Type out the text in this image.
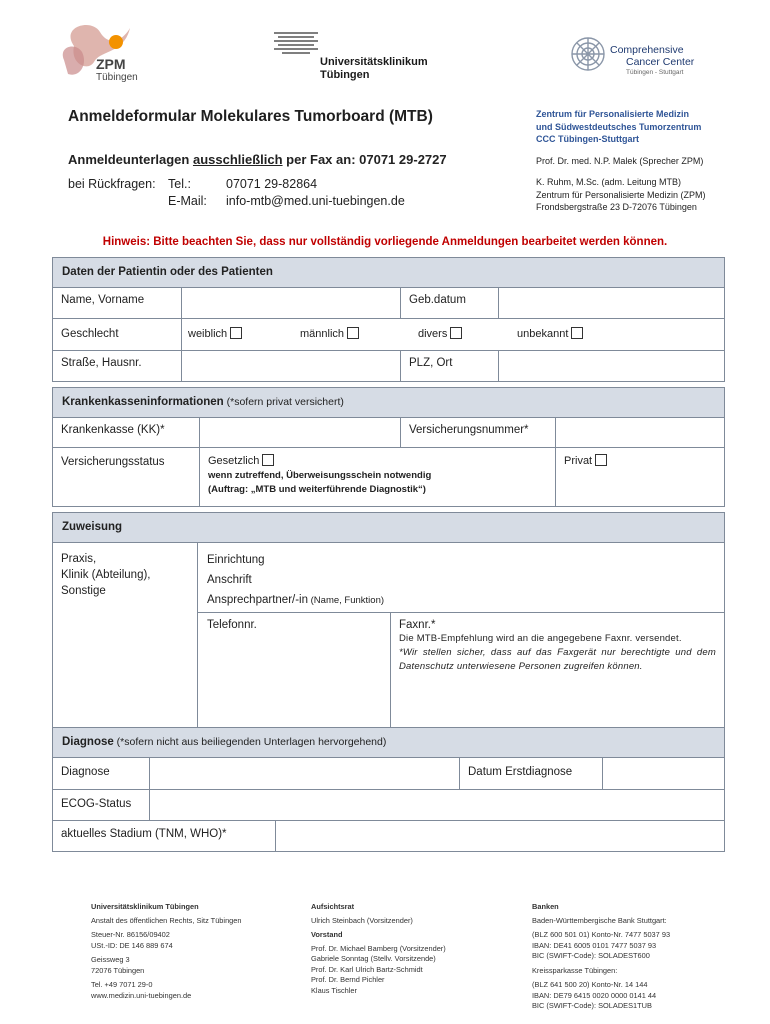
ZPM
Tübingen
Universitätsklinikum
Tübingen
Comprehensive
Cancer Center
Tübingen - Stuttgart
Anmeldeformular Molekulares Tumorboard (MTB)
Anmeldeunterlagen ausschließlich per Fax an: 07071 29-2727
bei Rückfragen: Tel.:	07071 29-82864
E-Mail:	info-mtb@med.uni-tuebingen.de
Zentrum für Personalisierte Medizin
und Südwestdeutsches Tumorzentrum
CCC Tübingen-Stuttgart
Prof. Dr. med. N.P. Malek (Sprecher ZPM)
K. Ruhm, M.Sc. (adm. Leitung MTB)
Zentrum für Personalisierte Medizin (ZPM)
Frondsbergstraße 23 D-72076 Tübingen
Hinweis: Bitte beachten Sie, dass nur vollständig vorliegende Anmeldungen bearbeitet werden können.
Daten der Patientin oder des Patienten
Name, Vorname	Geb.datum
Geschlecht	weiblich	männlich	divers	unbekannt
Straße, Hausnr.	PLZ, Ort
Krankenkasseninformationen (*sofern privat versichert)
Krankenkasse (KK)*	Versicherungsnummer*
Versicherungsstatus	Gesetzlich
wenn zutreffend, Überweisungsschein notwendig
(Auftrag: „MTB und weiterführende Diagnostik“)
Privat
Zuweisung
Praxis,
Klinik (Abteilung),
Sonstige
Einrichtung
Anschrift
Ansprechpartner/-in (Name, Funktion)
Telefonnr.	Faxnr.*
Die MTB-Empfehlung wird an die angegebene Faxnr. versendet.
*Wir stellen sicher, dass auf das Faxgerät nur berechtigte und dem Datenschutz unterwiesene Personen zugreifen können.
Diagnose (*sofern nicht aus beiliegenden Unterlagen hervorgehend)
Diagnose	Datum Erstdiagnose
ECOG-Status
aktuelles Stadium (TNM, WHO)*
Universitätsklinikum Tübingen
Anstalt des öffentlichen Rechts, Sitz Tübingen
Steuer-Nr. 86156/09402
USt.-ID: DE 146 889 674
Geissweg 3
72076 Tübingen
Tel. +49 7071 29-0
www.medizin.uni-tuebingen.de
Aufsichtsrat
Ulrich Steinbach (Vorsitzender)
Vorstand
Prof. Dr. Michael Bamberg (Vorsitzender)
Gabriele Sonntag (Stellv. Vorsitzende)
Prof. Dr. Karl Ulrich Bartz-Schmidt
Prof. Dr. Bernd Pichler
Klaus Tischler
Banken
Baden-Württembergische Bank Stuttgart:
(BLZ 600 501 01) Konto-Nr. 7477 5037 93
IBAN: DE41 6005 0101 7477 5037 93
BIC (SWIFT-Code): SOLADEST600
Kreissparkasse Tübingen:
(BLZ 641 500 20) Konto-Nr. 14 144
IBAN: DE79 6415 0020 0000 0141 44
BIC (SWIFT-Code): SOLADES1TUB
